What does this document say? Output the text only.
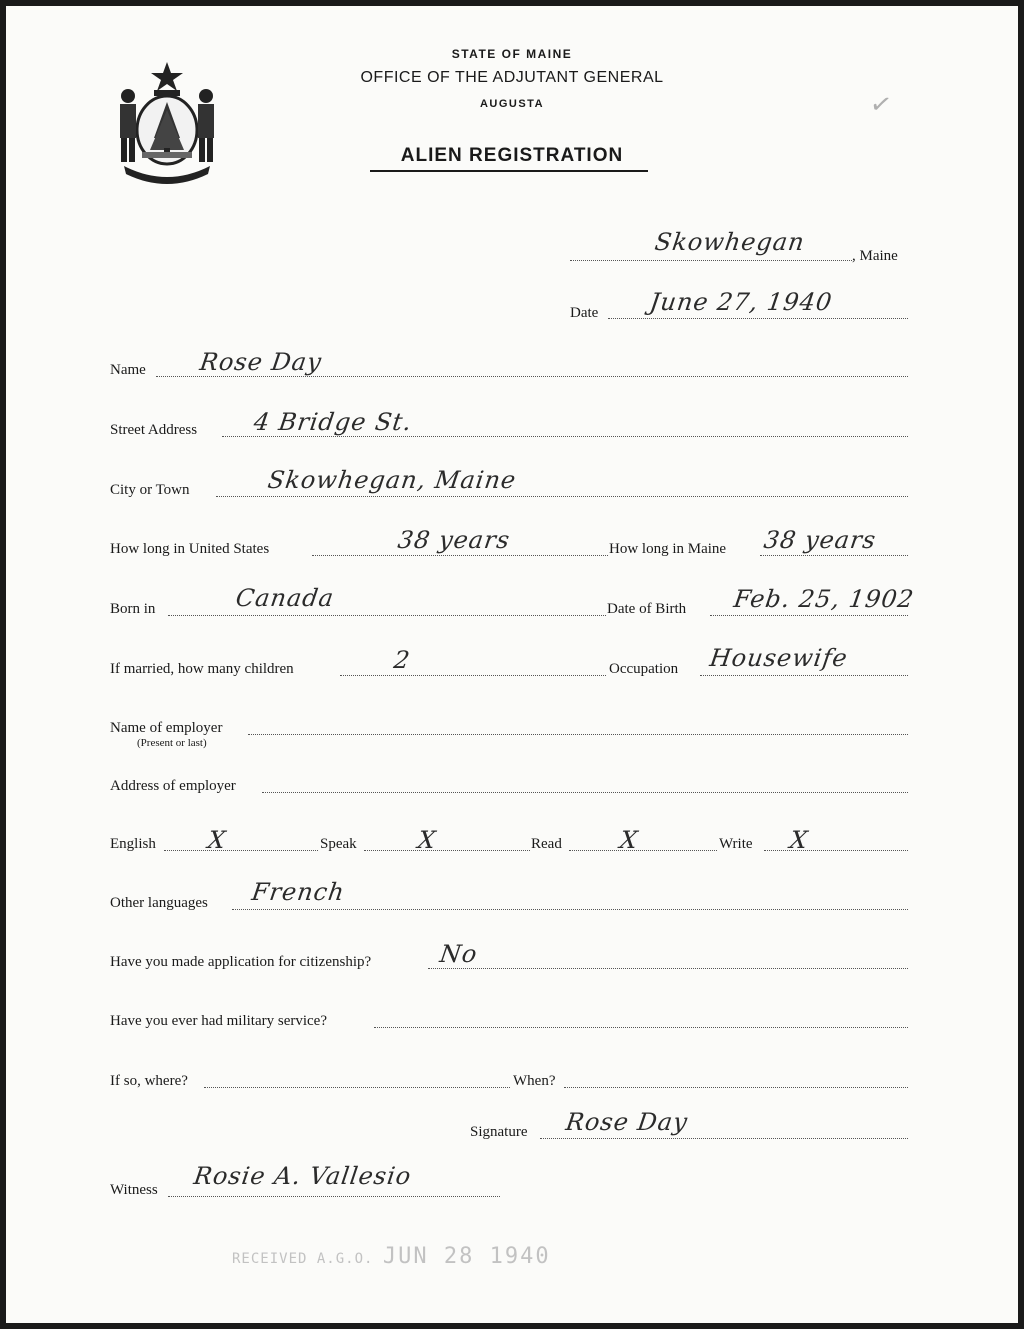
STATE OF MAINE
OFFICE OF THE ADJUTANT GENERAL
AUGUSTA
ALIEN REGISTRATION
✓
Skowhegan	, Maine
Date June 27, 1940
Name Rose Day
Street Address 4 Bridge St.
City or Town	Skowhegan, Maine
How long in United States	38 years	How long in Maine 38 years
Born in	Canada	Date of Birth Feb. 25, 1902
If married, how many children	2	Occupation Housewife
Name of employer
(Present or last)
Address of employer
English X	Speak X	Read X	Write X
Other languages French
Have you made application for citizenship?	No
Have you ever had military service?
If so, where?	When?
Signature Rose Day
Witness Rosie A. Vallesio
RECEIVED A.G.O. JUN 28 1940
